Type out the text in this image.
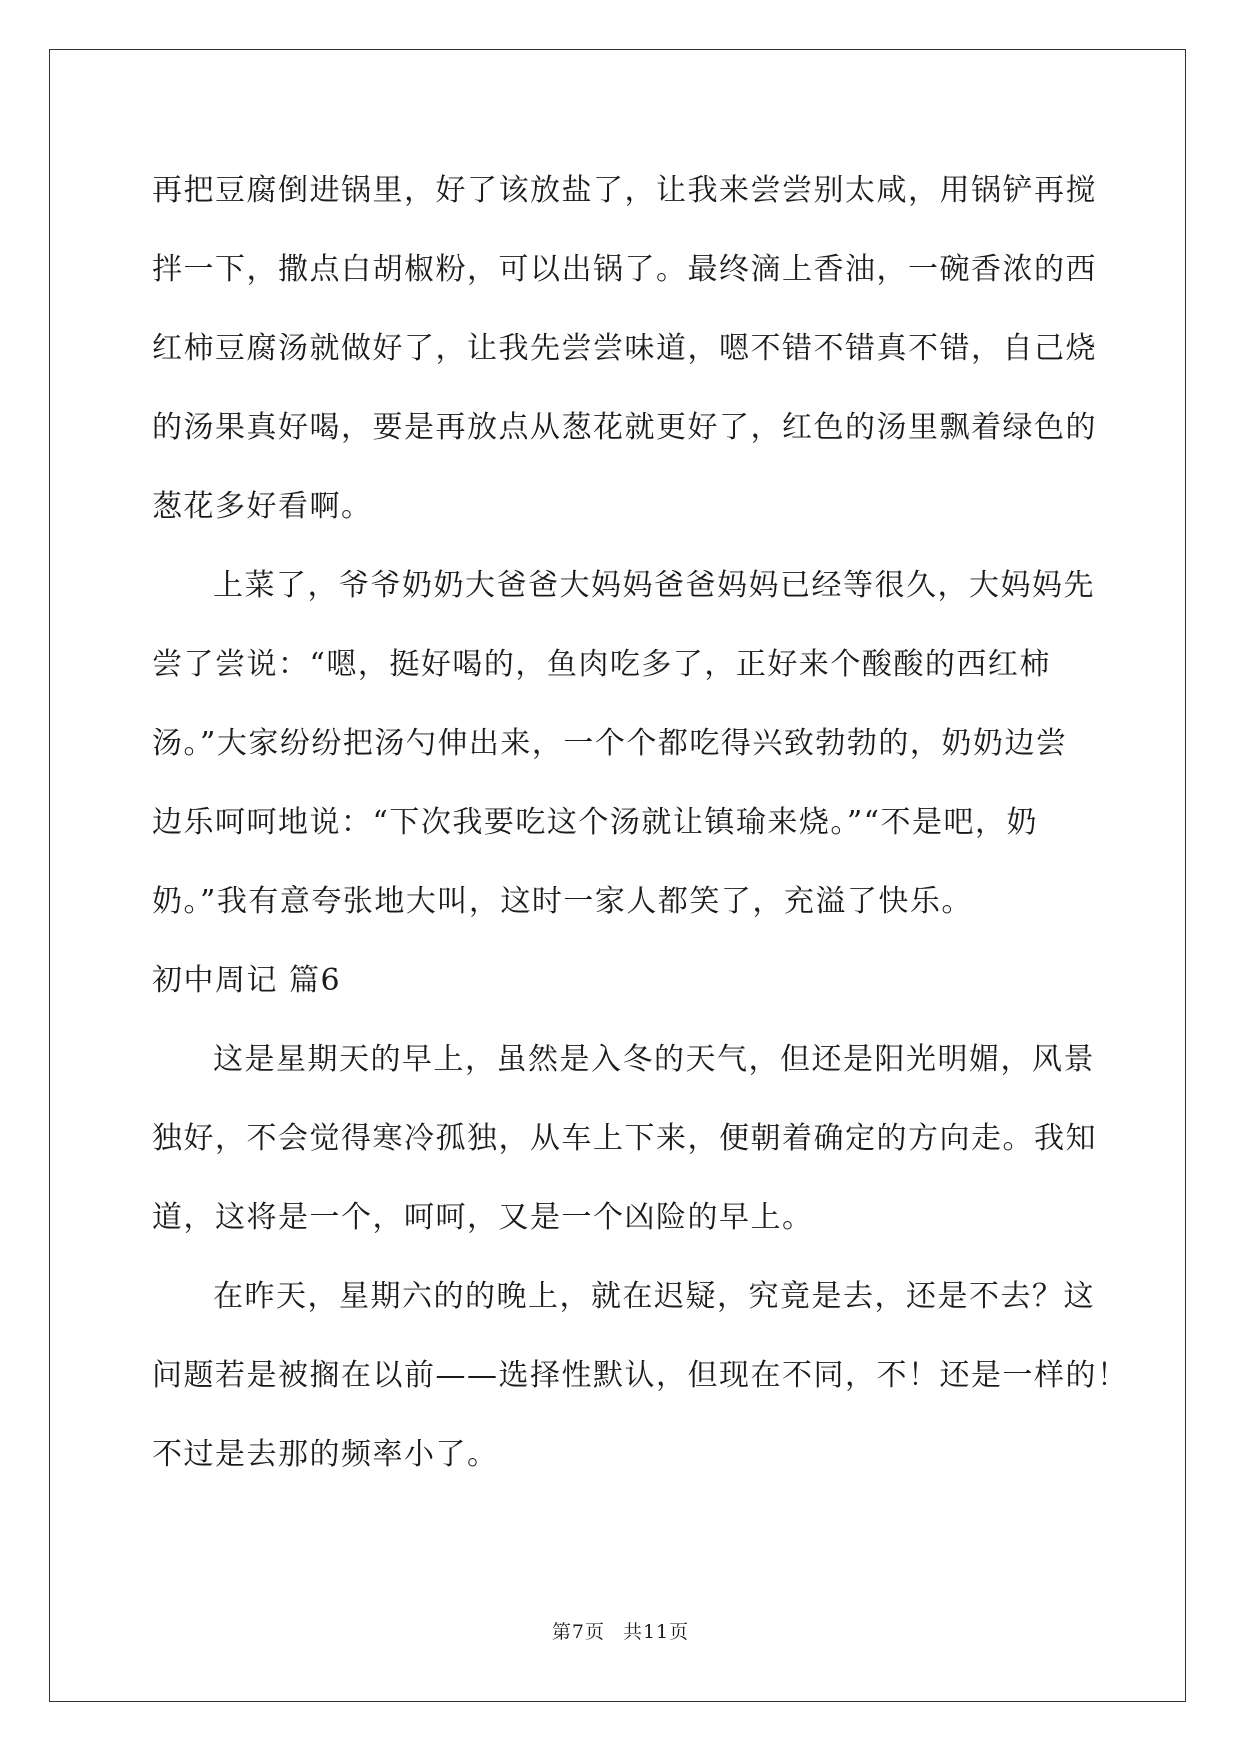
再把豆腐倒进锅里，好了该放盐了，让我来尝尝别太咸，用锅铲再搅
拌一下，撒点白胡椒粉，可以出锅了。最终滴上香油，一碗香浓的西
红柿豆腐汤就做好了，让我先尝尝味道，嗯不错不错真不错，自己烧
的汤果真好喝，要是再放点从葱花就更好了，红色的汤里飘着绿色的
葱花多好看啊。
上菜了，爷爷奶奶大爸爸大妈妈爸爸妈妈已经等很久，大妈妈先
尝了尝说：“嗯，挺好喝的，鱼肉吃多了，正好来个酸酸的西红柿
汤。”大家纷纷把汤勺伸出来，一个个都吃得兴致勃勃的，奶奶边尝
边乐呵呵地说：“下次我要吃这个汤就让镇瑜来烧。”“不是吧，奶
奶。”我有意夸张地大叫，这时一家人都笑了，充溢了快乐。
初中周记 篇6
这是星期天的早上，虽然是入冬的天气，但还是阳光明媚，风景
独好，不会觉得寒冷孤独，从车上下来，便朝着确定的方向走。我知
道，这将是一个，呵呵，又是一个凶险的早上。
在昨天，星期六的的晚上，就在迟疑，究竟是去，还是不去？这
问题若是被搁在以前——选择性默认，但现在不同，不！还是一样的！
不过是去那的频率小了。
第7页 共11页
